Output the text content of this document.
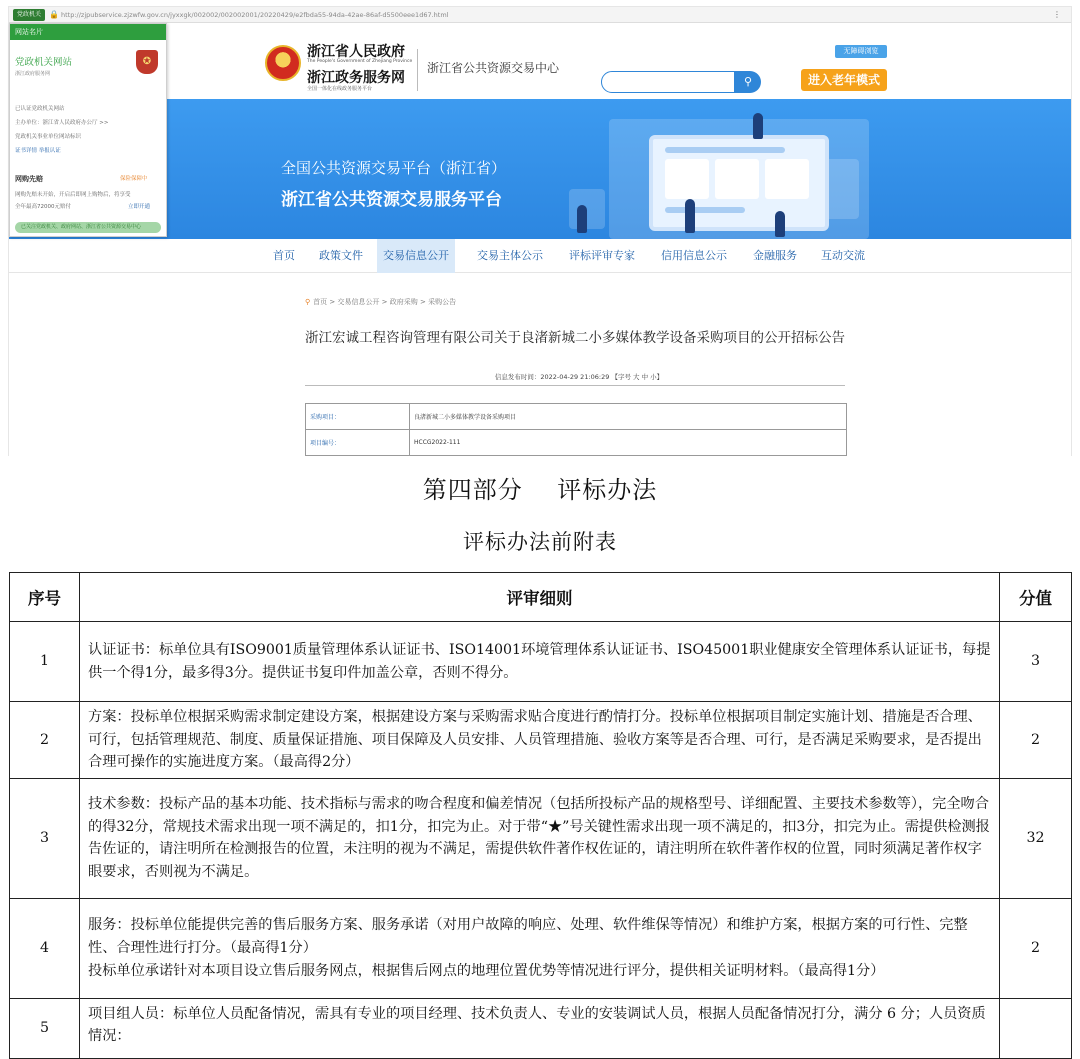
党政机关 🔒 http://zjpubservice.zjzwfw.gov.cn/jyxxgk/002002/002002001/20220429/e2fbda55-94da-42ae-86af-d5500eee1d67.html	⋮
浙江省人民政府
The People's Government of Zhejiang Province
浙江政务服务网
全国一体化在线政务服务平台
浙江省公共资源交易中心
⚲
无障碍浏览
进入老年模式
全国公共资源交易平台（浙江省）
浙江省公共资源交易服务平台
首页	政策文件	交易信息公开	交易主体公示	评标评审专家	信用信息公示	金融服务	互动交流
网站名片
党政机关网站
浙江政府服务网
✪
已认证党政机关网站
主办单位：浙江省人民政府办公厅 >>
党政机关事业单位网站标识
证书详情 举报认证
网购先赔	保险保障中
网购先赔未开始，开启后即网上购物后，将享受
全年最高72000元赔付	立即开通
已关注党政机关、政府网站、浙江省公共资源交易中心
⚲ 首页 > 交易信息公开 > 政府采购 > 采购公告
浙江宏诚工程咨询管理有限公司关于良渚新城二小多媒体教学设备采购项目的公开招标公告
信息发布时间：2022-04-29 21:06:29 【字号 大 中 小】
采购项目：	良渚新城二小多媒体教学设备采购项目
项目编号：	HCCG2022-111
第四部分    评标办法
评标办法前附表
序号	评审细则	分值
1	认证证书：标单位具有ISO9001质量管理体系认证证书、ISO14001环境管理体系认证证书、ISO45001职业健康安全管理体系认证证书，每提供一个得1分，最多得3分。提供证书复印件加盖公章，否则不得分。	3
2	方案：投标单位根据采购需求制定建设方案，根据建设方案与采购需求贴合度进行酌情打分。投标单位根据项目制定实施计划、措施是否合理、可行，包括管理规范、制度、质量保证措施、项目保障及人员安排、人员管理措施、验收方案等是否合理、可行，是否满足采购要求，是否提出合理可操作的实施进度方案。（最高得2分）	2
3	技术参数：投标产品的基本功能、技术指标与需求的吻合程度和偏差情况（包括所投标产品的规格型号、详细配置、主要技术参数等），完全吻合的得32分，常规技术需求出现一项不满足的，扣1分，扣完为止。对于带“★”号关键性需求出现一项不满足的，扣3分，扣完为止。需提供检测报告佐证的，请注明所在检测报告的位置，未注明的视为不满足，需提供软件著作权佐证的，请注明所在软件著作权的位置，同时须满足著作权字眼要求，否则视为不满足。	32
4	服务：投标单位能提供完善的售后服务方案、服务承诺（对用户故障的响应、处理、软件维保等情况）和维护方案，根据方案的可行性、完整性、合理性进行打分。（最高得1分）

投标单位承诺针对本项目设立售后服务网点，根据售后网点的地理位置优势等情况进行评分，提供相关证明材料。（最高得1分）	2
5	项目组人员：标单位人员配备情况，需具有专业的项目经理、技术负责人、专业的安装调试人员，根据人员配备情况打分，满分 6 分；人员资质情况：	
